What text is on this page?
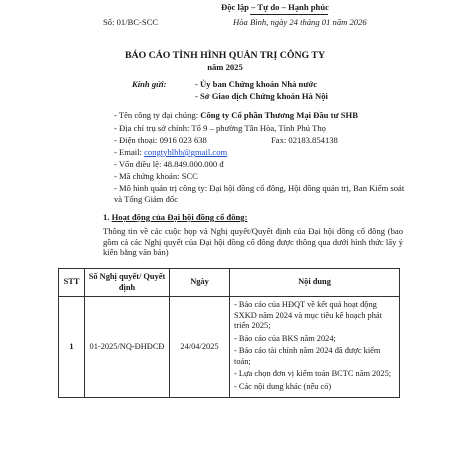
Độc lập – Tự do – Hạnh phúc
Số: 01/BC-SCC	Hòa Bình, ngày 24 tháng 01 năm 2026
BÁO CÁO TÌNH HÌNH QUẢN TRỊ CÔNG TY
năm 2025
Kính gửi:	- Ủy ban Chứng khoán Nhà nước
- Sở Giao dịch Chứng khoán Hà Nội
- Tên công ty đại chúng: Công ty Cổ phần Thương Mại Đầu tư SHB
- Địa chỉ trụ sở chính: Tổ 9 – phường Tân Hòa, Tỉnh Phú Thọ
- Điện thoại: 0916 023 638	Fax: 02183.854138
- Email: congtyhlhb@gmail.com
- Vốn điều lệ: 48.849.000.000 đ
- Mã chứng khoán: SCC
- Mô hình quản trị công ty: Đại hội đồng cổ đông, Hội đồng quản trị, Ban Kiểm soát và Tổng Giám đốc
1. Hoạt động của Đại hội đồng cổ đông:
Thông tin về các cuộc họp và Nghị quyết/Quyết định của Đại hội đồng cổ đông (bao gồm cả các Nghị quyết của Đại hội đồng cổ đông được thông qua dưới hình thức lấy ý kiến bằng văn bản)
STT	Số Nghị quyết/ Quyết định	Ngày	Nội dung
1	01-2025/NQ-ĐHĐCĐ	24/04/2025	- Báo cáo của HĐQT về kết quả hoạt động SXKD năm 2024 và mục tiêu kế hoạch phát triển 2025;
- Báo cáo của BKS năm 2024;
- Báo cáo tài chính năm 2024 đã được kiểm toán;
- Lựa chọn đơn vị kiểm toán BCTC năm 2025;
- Các nội dung khác (nếu có)
